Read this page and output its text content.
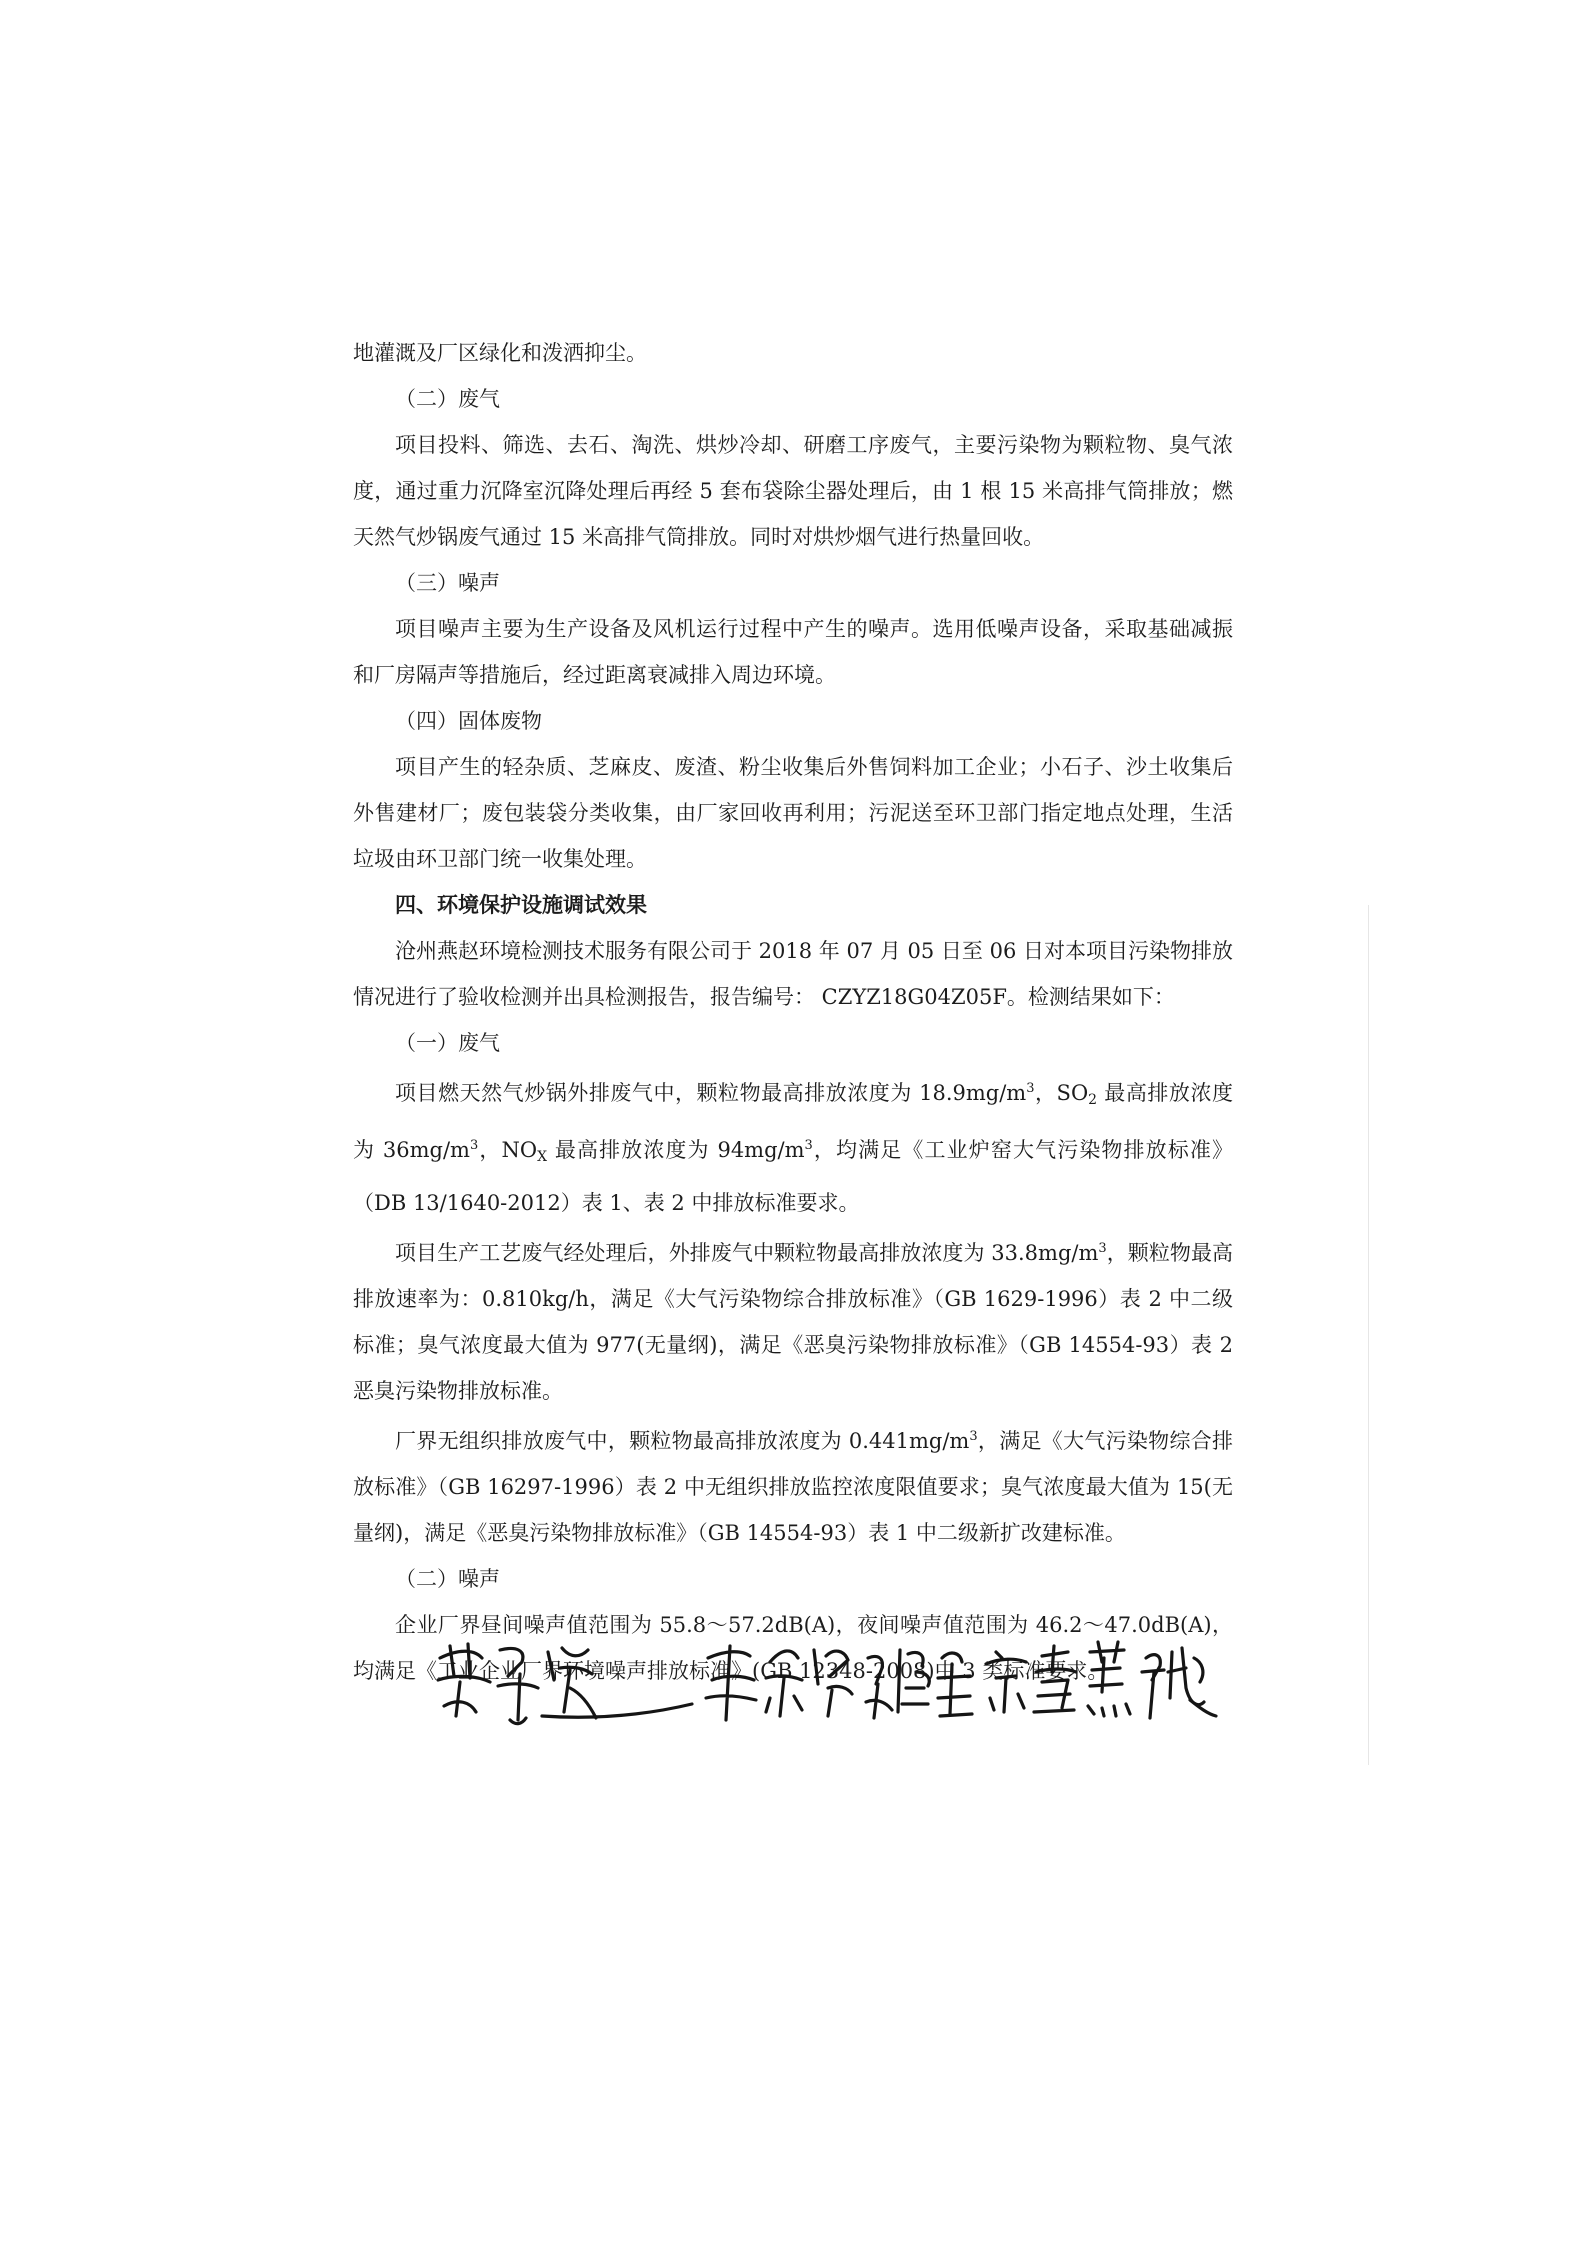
地灌溉及厂区绿化和泼洒抑尘。

（二）废气

项目投料、筛选、去石、淘洗、烘炒冷却、研磨工序废气，主要污染物为颗粒物、臭气浓度，通过重力沉降室沉降处理后再经 5 套布袋除尘器处理后，由 1 根 15 米高排气筒排放；燃天然气炒锅废气通过 15 米高排气筒排放。同时对烘炒烟气进行热量回收。

（三）噪声

项目噪声主要为生产设备及风机运行过程中产生的噪声。选用低噪声设备，采取基础减振和厂房隔声等措施后，经过距离衰减排入周边环境。

（四）固体废物

项目产生的轻杂质、芝麻皮、废渣、粉尘收集后外售饲料加工企业；小石子、沙土收集后外售建材厂；废包装袋分类收集，由厂家回收再利用；污泥送至环卫部门指定地点处理，生活垃圾由环卫部门统一收集处理。

四、环境保护设施调试效果

沧州燕赵环境检测技术服务有限公司于 2018 年 07 月 05 日至 06 日对本项目污染物排放情况进行了验收检测并出具检测报告，报告编号： CZYZ18G04Z05F。检测结果如下：

（一）废气

项目燃天然气炒锅外排废气中，颗粒物最高排放浓度为 $18.9mg/m^3$，$SO_2$ 最高排放浓度为 $36mg/m^3$，$NO_X$ 最高排放浓度为 $94mg/m^3$，均满足《工业炉窑大气污染物排放标准》（DB 13/1640-2012）表 1、表 2 中排放标准要求。

项目生产工艺废气经处理后，外排废气中颗粒物最高排放浓度为 $33.8mg/m^3$，颗粒物最高排放速率为：0.810kg/h，满足《大气污染物综合排放标准》（GB 1629-1996）表 2 中二级标准；臭气浓度最大值为 977(无量纲)，满足《恶臭污染物排放标准》（GB 14554-93）表 2 恶臭污染物排放标准。

厂界无组织排放废气中，颗粒物最高排放浓度为 $0.441mg/m^3$，满足《大气污染物综合排放标准》（GB 16297-1996）表 2 中无组织排放监控浓度限值要求；臭气浓度最大值为 15(无量纲)，满足《恶臭污染物排放标准》（GB 14554-93）表 1 中二级新扩改建标准。

（二）噪声

企业厂界昼间噪声值范围为 55.8～57.2dB(A)，夜间噪声值范围为 46.2～47.0dB(A)，均满足《工业企业厂界环境噪声排放标准》(GB 12348-2008)中 3 类标准要求。
